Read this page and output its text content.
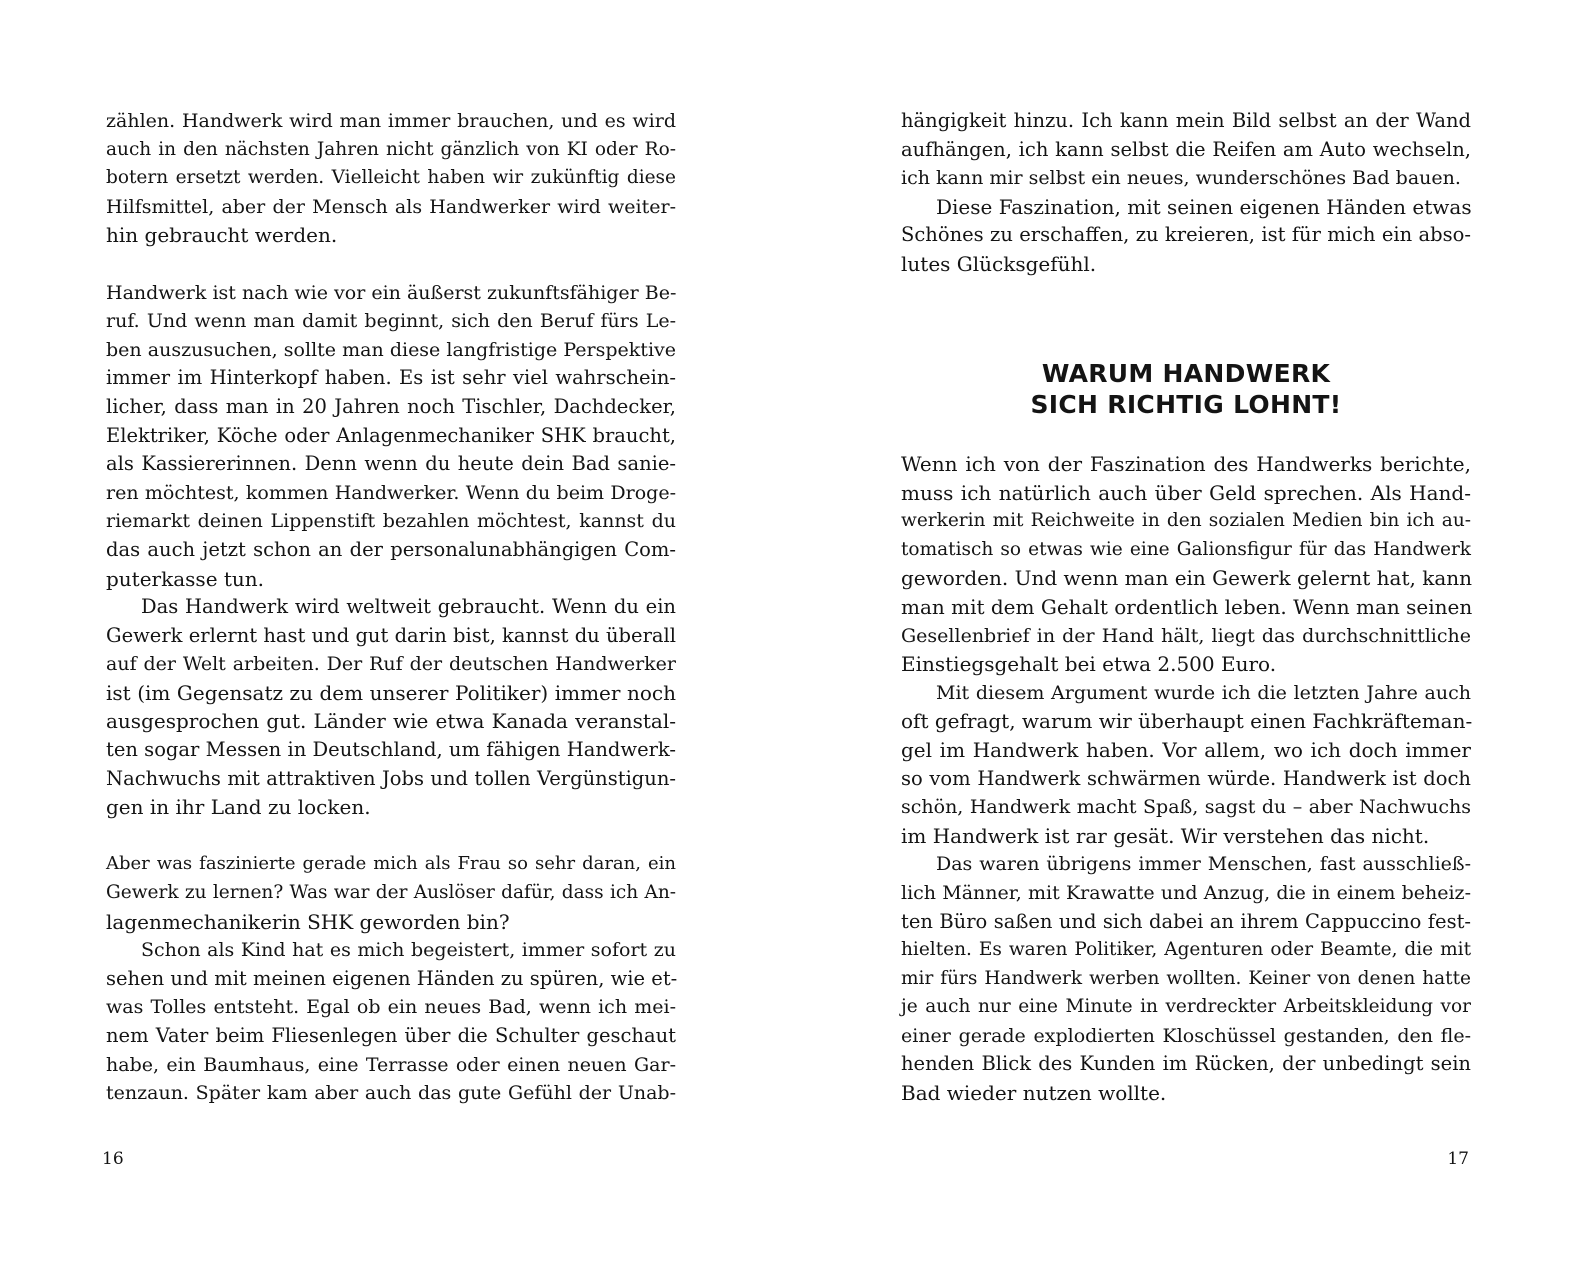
zählen. Handwerk wird man immer brauchen, und es wird
auch in den nächsten Jahren nicht gänzlich von KI oder Ro-
botern ersetzt werden. Vielleicht haben wir zukünftig diese
Hilfsmittel, aber der Mensch als Handwerker wird weiter-
hin gebraucht werden.
Handwerk ist nach wie vor ein äußerst zukunftsfähiger Be-
ruf. Und wenn man damit beginnt, sich den Beruf fürs Le-
ben auszusuchen, sollte man diese langfristige Perspektive
immer im Hinterkopf haben. Es ist sehr viel wahrschein-
licher, dass man in 20 Jahren noch Tischler, Dachdecker,
Elektriker, Köche oder Anlagenmechaniker SHK braucht,
als Kassiererinnen. Denn wenn du heute dein Bad sanie-
ren möchtest, kommen Handwerker. Wenn du beim Droge-
riemarkt deinen Lippenstift bezahlen möchtest, kannst du
das auch jetzt schon an der personalunabhängigen Com-
puterkasse tun.
Das Handwerk wird weltweit gebraucht. Wenn du ein
Gewerk erlernt hast und gut darin bist, kannst du überall
auf der Welt arbeiten. Der Ruf der deutschen Handwerker
ist (im Gegensatz zu dem unserer Politiker) immer noch
ausgesprochen gut. Länder wie etwa Kanada veranstal-
ten sogar Messen in Deutschland, um fähigen Handwerk-
Nachwuchs mit attraktiven Jobs und tollen Vergünstigun-
gen in ihr Land zu locken.
Aber was faszinierte gerade mich als Frau so sehr daran, ein
Gewerk zu lernen? Was war der Auslöser dafür, dass ich An-
lagenmechanikerin SHK geworden bin?
Schon als Kind hat es mich begeistert, immer sofort zu
sehen und mit meinen eigenen Händen zu spüren, wie et-
was Tolles entsteht. Egal ob ein neues Bad, wenn ich mei-
nem Vater beim Fliesenlegen über die Schulter geschaut
habe, ein Baumhaus, eine Terrasse oder einen neuen Gar-
tenzaun. Später kam aber auch das gute Gefühl der Unab-
16
hängigkeit hinzu. Ich kann mein Bild selbst an der Wand
aufhängen, ich kann selbst die Reifen am Auto wechseln,
ich kann mir selbst ein neues, wunderschönes Bad bauen.
Diese Faszination, mit seinen eigenen Händen etwas
Schönes zu erschaffen, zu kreieren, ist für mich ein abso-
lutes Glücksgefühl.
WARUM HANDWERK
SICH RICHTIG LOHNT!
Wenn ich von der Faszination des Handwerks berichte,
muss ich natürlich auch über Geld sprechen. Als Hand-
werkerin mit Reichweite in den sozialen Medien bin ich au-
tomatisch so etwas wie eine Galionsfigur für das Handwerk
geworden. Und wenn man ein Gewerk gelernt hat, kann
man mit dem Gehalt ordentlich leben. Wenn man seinen
Gesellenbrief in der Hand hält, liegt das durchschnittliche
Einstiegsgehalt bei etwa 2.500 Euro.
Mit diesem Argument wurde ich die letzten Jahre auch
oft gefragt, warum wir überhaupt einen Fachkräfteman-
gel im Handwerk haben. Vor allem, wo ich doch immer
so vom Handwerk schwärmen würde. Handwerk ist doch
schön, Handwerk macht Spaß, sagst du – aber Nachwuchs
im Handwerk ist rar gesät. Wir verstehen das nicht.
Das waren übrigens immer Menschen, fast ausschließ-
lich Männer, mit Krawatte und Anzug, die in einem beheiz-
ten Büro saßen und sich dabei an ihrem Cappuccino fest-
hielten. Es waren Politiker, Agenturen oder Beamte, die mit
mir fürs Handwerk werben wollten. Keiner von denen hatte
je auch nur eine Minute in verdreckter Arbeitskleidung vor
einer gerade explodierten Kloschüssel gestanden, den fle-
henden Blick des Kunden im Rücken, der unbedingt sein
Bad wieder nutzen wollte.
17
